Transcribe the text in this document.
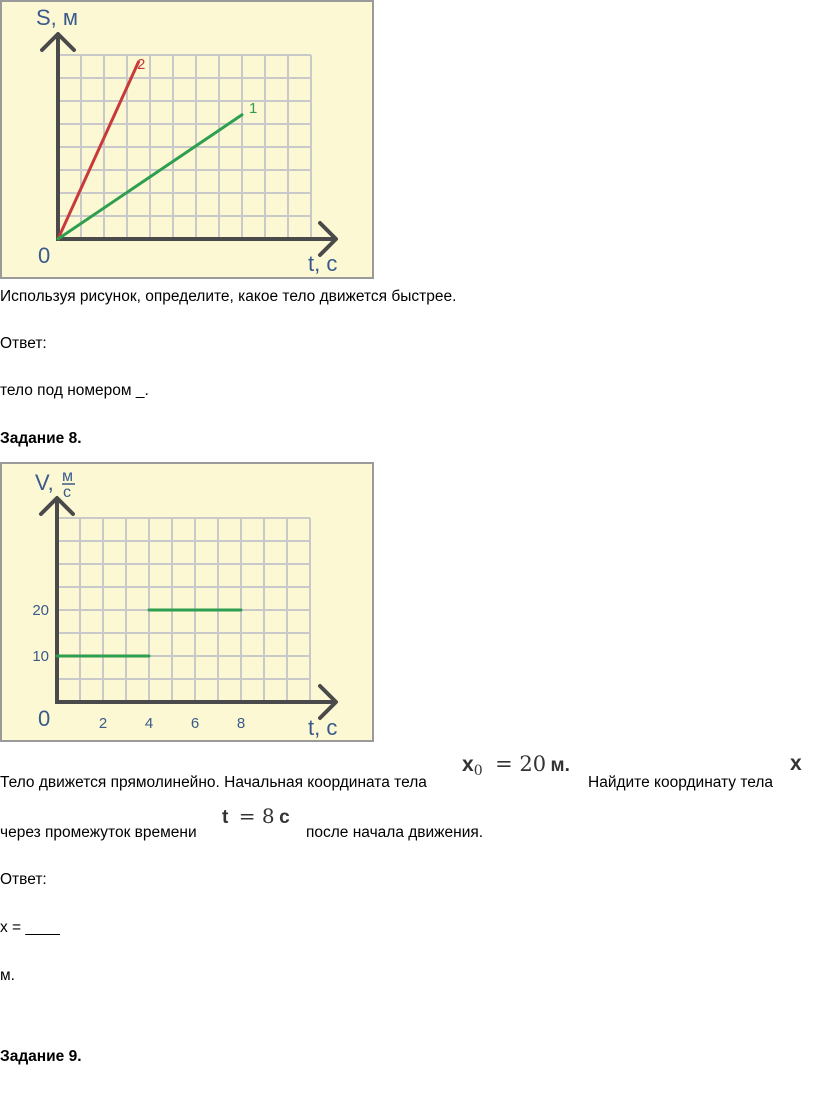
S, м
t, c
0
2
1

Используя рисунок, определите, какое тело движется быстрее.

Ответ:

тело под номером _.

Задание 8.

2	4	6	8
10
20
V, м
с
t, c
0

Тело движется прямолинейно. Начальная координата тела

$x_0 = 20$ м.

Найдите координату тела

x

через промежуток времени

t = 8 c

после начала движения.

Ответ:

x = ____

м.

Задание 9.
